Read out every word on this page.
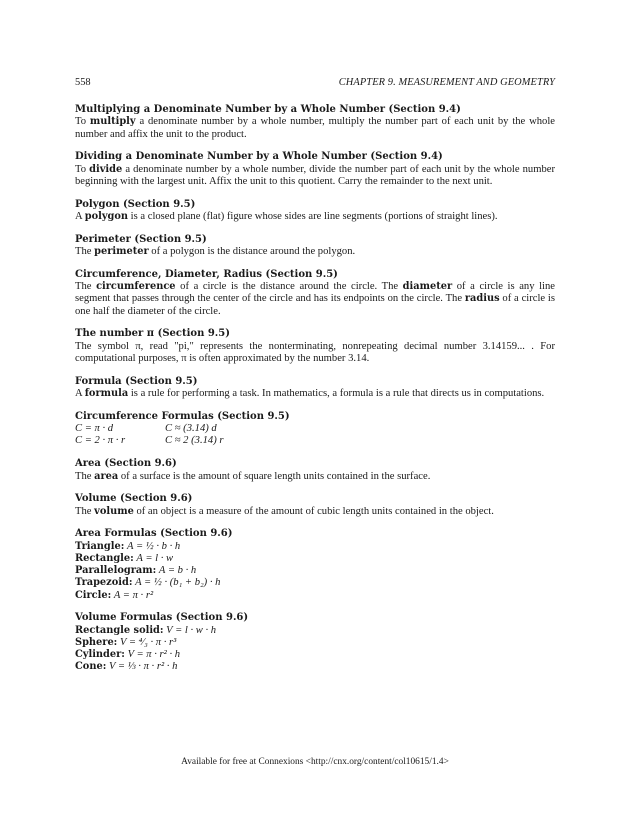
558	CHAPTER 9. MEASUREMENT AND GEOMETRY
Multiplying a Denominate Number by a Whole Number (Section 9.4)
To multiply a denominate number by a whole number, multiply the number part of each unit by the whole number and affix the unit to the product.
Dividing a Denominate Number by a Whole Number (Section 9.4)
To divide a denominate number by a whole number, divide the number part of each unit by the whole number beginning with the largest unit. Affix the unit to this quotient. Carry the remainder to the next unit.
Polygon (Section 9.5)
A polygon is a closed plane (flat) figure whose sides are line segments (portions of straight lines).
Perimeter (Section 9.5)
The perimeter of a polygon is the distance around the polygon.
Circumference, Diameter, Radius (Section 9.5)
The circumference of a circle is the distance around the circle. The diameter of a circle is any line segment that passes through the center of the circle and has its endpoints on the circle. The radius of a circle is one half the diameter of the circle.
The number π (Section 9.5)
The symbol π, read "pi," represents the nonterminating, nonrepeating decimal number 3.14159... . For computational purposes, π is often approximated by the number 3.14.
Formula (Section 9.5)
A formula is a rule for performing a task. In mathematics, a formula is a rule that directs us in computations.
Circumference Formulas (Section 9.5)
C = π · d	C ≈ (3.14) d
C = 2 · π · r	C ≈ 2 (3.14) r
Area (Section 9.6)
The area of a surface is the amount of square length units contained in the surface.
Volume (Section 9.6)
The volume of an object is a measure of the amount of cubic length units contained in the object.
Area Formulas (Section 9.6)
Triangle: A = ½ · b · h
Rectangle: A = l · w
Parallelogram: A = b · h
Trapezoid: A = ½ · (b₁ + b₂) · h
Circle: A = π · r²
Volume Formulas (Section 9.6)
Rectangle solid: V = l · w · h
Sphere: V = ⁴⁄₃ · π · r³
Cylinder: V = π · r² · h
Cone: V = ⅓ · π · r² · h
Available for free at Connexions <http://cnx.org/content/col10615/1.4>
